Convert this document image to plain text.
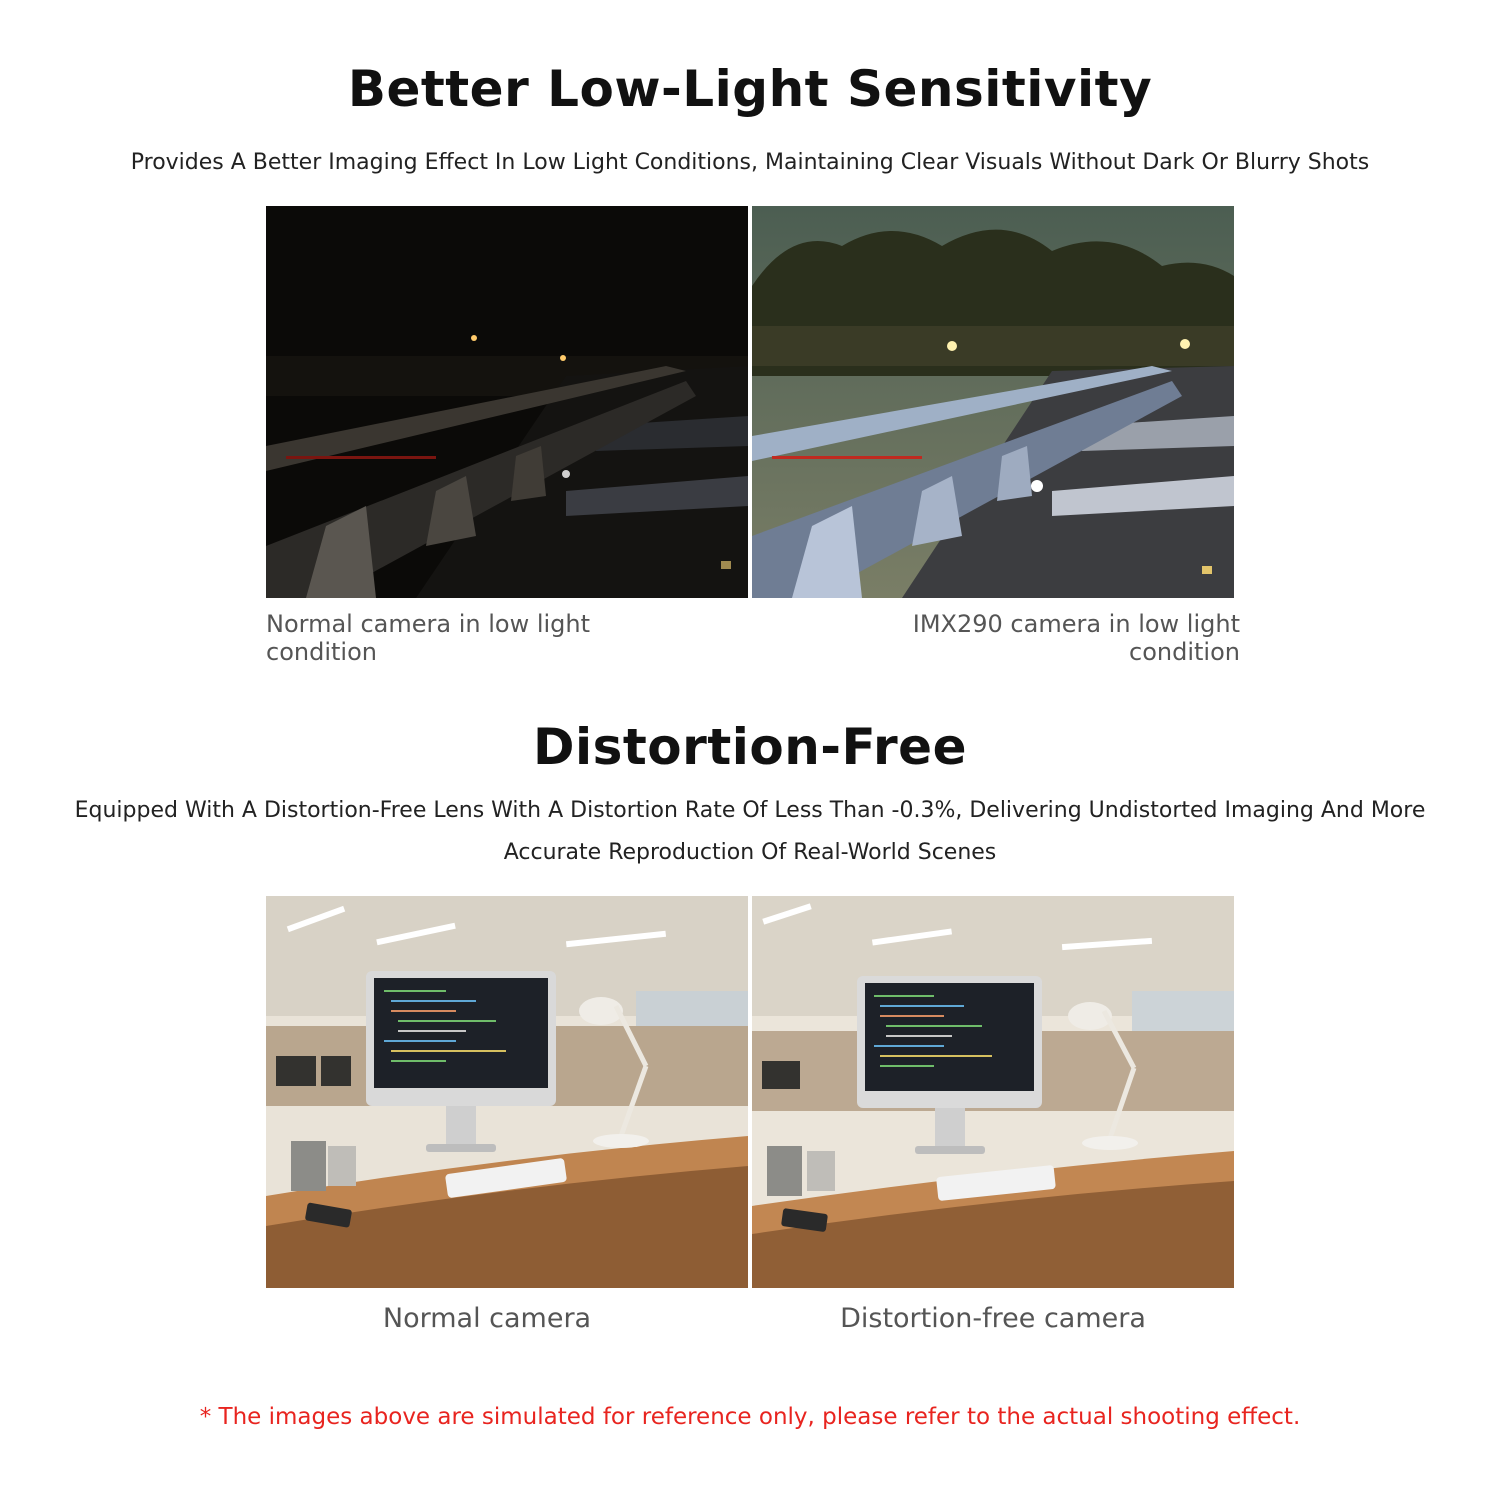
Better Low-Light Sensitivity

Provides A Better Imaging Effect In Low Light Conditions, Maintaining Clear Visuals Without Dark Or Blurry Shots

Normal camera in low light condition

IMX290 camera in low light condition

Distortion-Free

Equipped With A Distortion-Free Lens With A Distortion Rate Of Less Than -0.3%, Delivering Undistorted Imaging And More Accurate Reproduction Of Real-World Scenes

Normal camera	Distortion-free camera

* The images above are simulated for reference only, please refer to the actual shooting effect.
